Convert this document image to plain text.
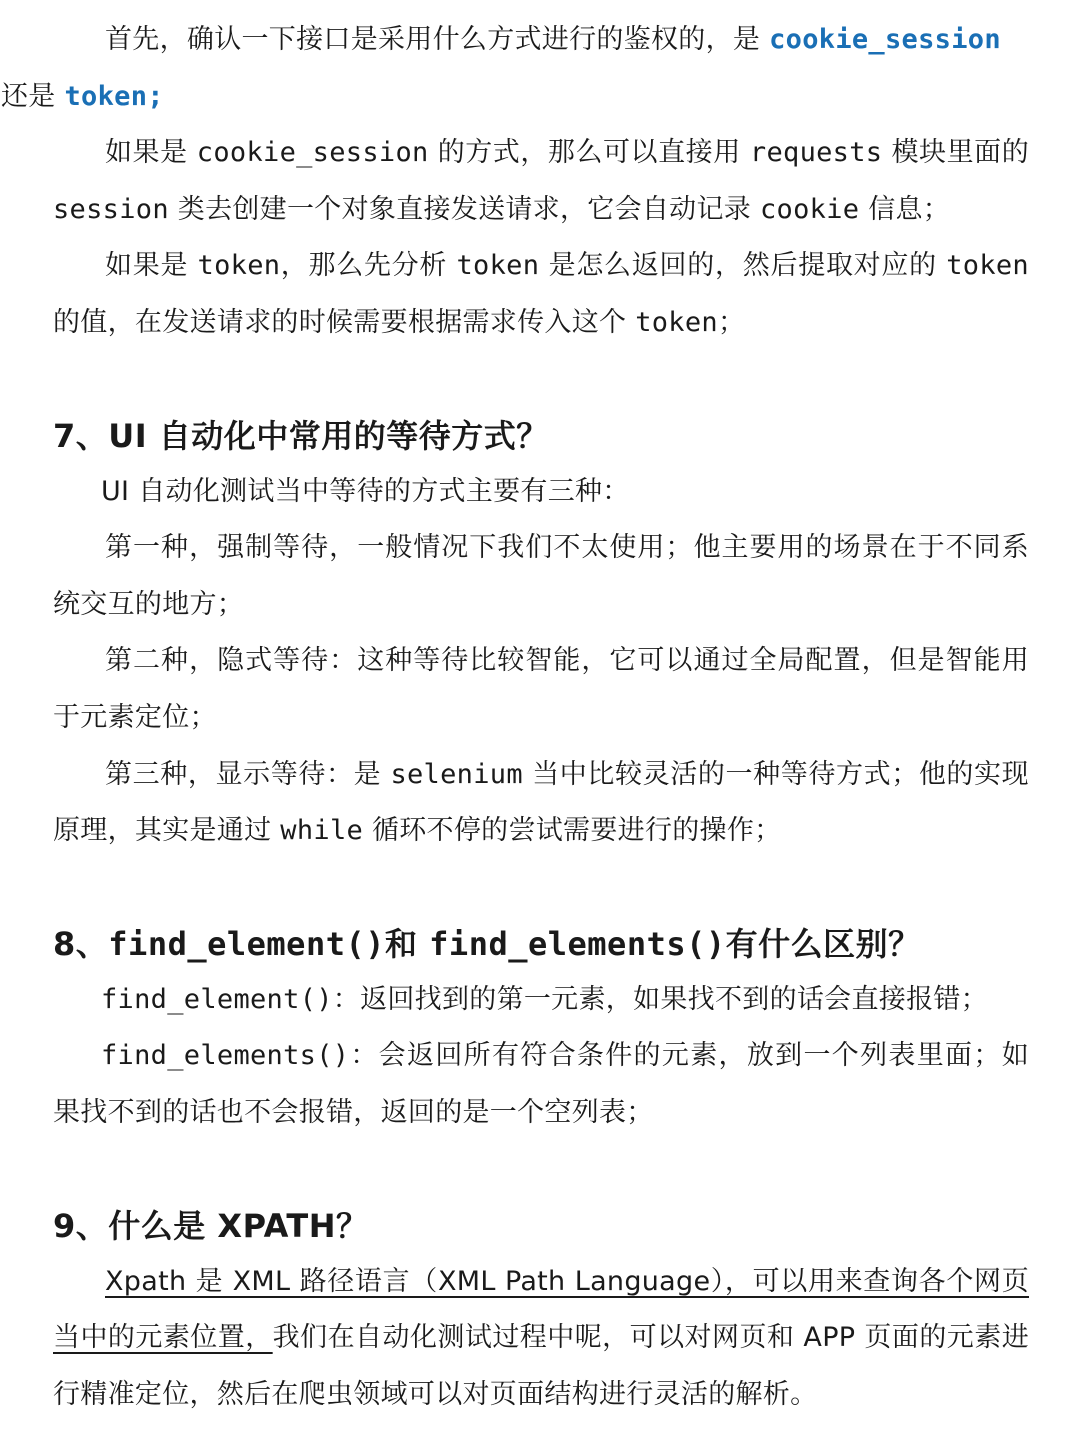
首先，确认一下接口是采用什么方式进行的鉴权的，是 cookie_session
还是 token;

如果是 cookie_session 的方式，那么可以直接用 requests 模块里面的 session 类去创建一个对象直接发送请求，它会自动记录 cookie 信息；

如果是 token，那么先分析 token 是怎么返回的，然后提取对应的 token 的值，在发送请求的时候需要根据需求传入这个 token；

7、UI 自动化中常用的等待方式？

UI 自动化测试当中等待的方式主要有三种：

第一种，强制等待，一般情况下我们不太使用；他主要用的场景在于不同系统交互的地方；

第二种，隐式等待：这种等待比较智能，它可以通过全局配置，但是智能用于元素定位；

第三种，显示等待：是 selenium 当中比较灵活的一种等待方式；他的实现原理，其实是通过 while 循环不停的尝试需要进行的操作；

8、find_element()和 find_elements()有什么区别？

find_element()：返回找到的第一元素，如果找不到的话会直接报错；

find_elements()：会返回所有符合条件的元素，放到一个列表里面；如果找不到的话也不会报错，返回的是一个空列表；

9、什么是 XPATH？

Xpath 是 XML 路径语言（XML Path Language），可以用来查询各个网页当中的元素位置，我们在自动化测试过程中呢，可以对网页和 APP 页面的元素进行精准定位，然后在爬虫领域可以对页面结构进行灵活的解析。
